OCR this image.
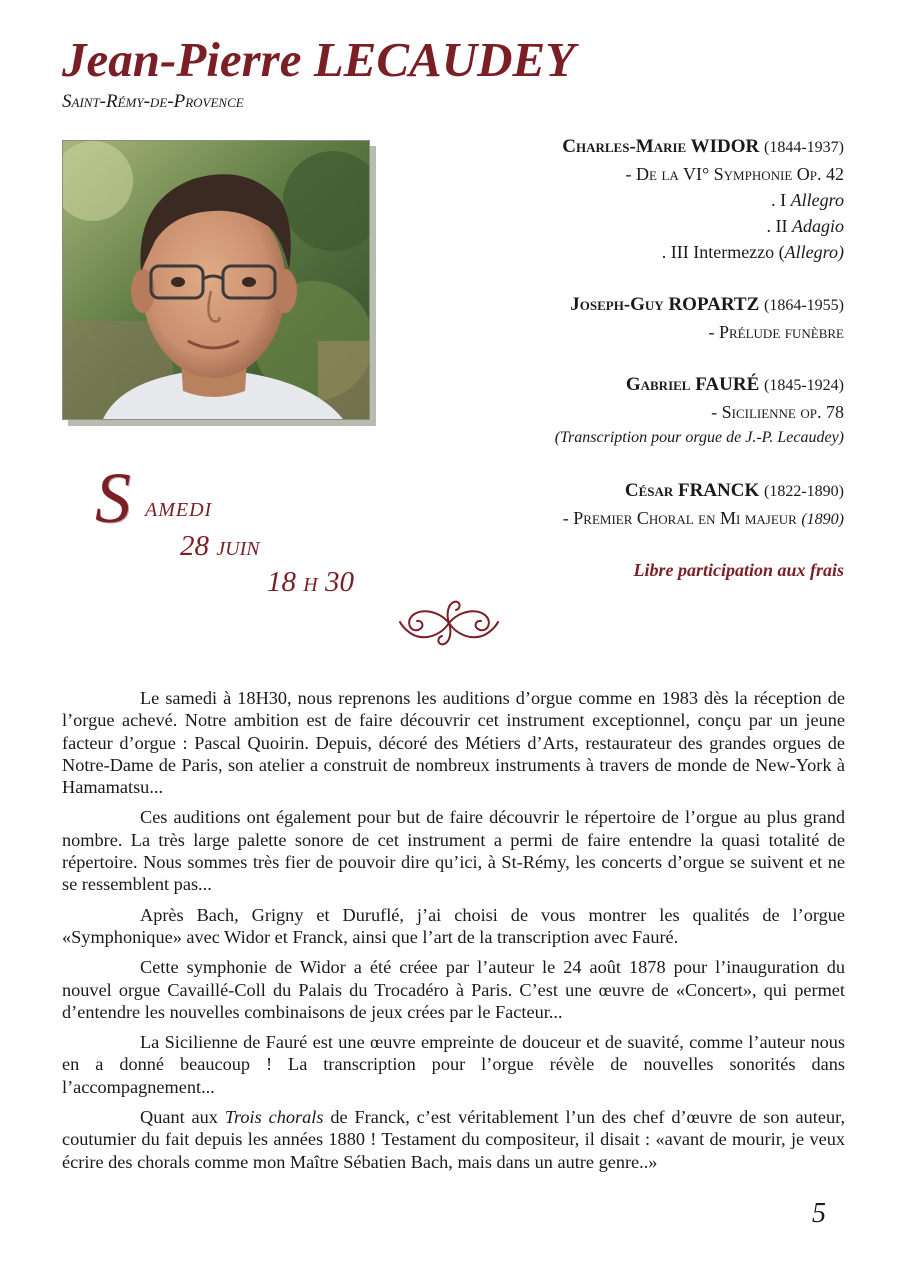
Jean-Pierre LECAUDEY
Saint-Rémy-de-Provence
Charles-Marie WIDOR (1844-1937)
- De la VI° Symphonie Op. 42
. I Allegro
. II Adagio
. III Intermezzo (Allegro)
Joseph-Guy ROPARTZ (1864-1955)
- Prélude funèbre
Gabriel FAURÉ (1845-1924)
- Sicilienne op. 78
(Transcription pour orgue de J.-P. Lecaudey)
César FRANCK (1822-1890)
- Premier Choral en Mi majeur (1890)
Libre participation aux frais
S amedi
28 juin
18 h 30

Le samedi à 18H30, nous reprenons les auditions d’orgue comme en 1983 dès la réception de l’orgue achevé. Notre ambition est de faire découvrir cet instrument exceptionnel, conçu par un jeune facteur d’orgue : Pascal Quoirin. Depuis, décoré des Métiers d’Arts, restaurateur des grandes orgues de Notre-Dame de Paris, son atelier a construit de nombreux instruments à travers de monde de New-York à Hamamatsu...

Ces auditions ont également pour but de faire découvrir le répertoire de l’orgue au plus grand nombre. La très large palette sonore de cet instrument a permi de faire entendre la quasi totalité de répertoire. Nous sommes très fier de pouvoir dire qu’ici, à St-Rémy, les concerts d’orgue se suivent et ne se ressemblent pas...

Après Bach, Grigny et Duruflé, j’ai choisi de vous montrer les qualités de l’orgue «Symphonique» avec Widor et Franck, ainsi que l’art de la transcription avec Fauré.

Cette symphonie de Widor a été créee par l’auteur le 24 août 1878 pour l’inauguration du nouvel orgue Cavaillé-Coll du Palais du Trocadéro à Paris. C’est une œuvre de «Concert», qui permet d’entendre les nouvelles combinaisons de jeux crées par le Facteur...

La Sicilienne de Fauré est une œuvre empreinte de douceur et de suavité, comme l’auteur nous en a donné beaucoup ! La transcription pour l’orgue révèle de nouvelles sonorités dans l’accompagnement...

Quant aux Trois chorals de Franck, c’est véritablement l’un des chef d’œuvre de son auteur, coutumier du fait depuis les années 1880 ! Testament du compositeur, il disait : «avant de mourir, je veux écrire des chorals comme mon Maître Sébatien Bach, mais dans un autre genre..»

5
